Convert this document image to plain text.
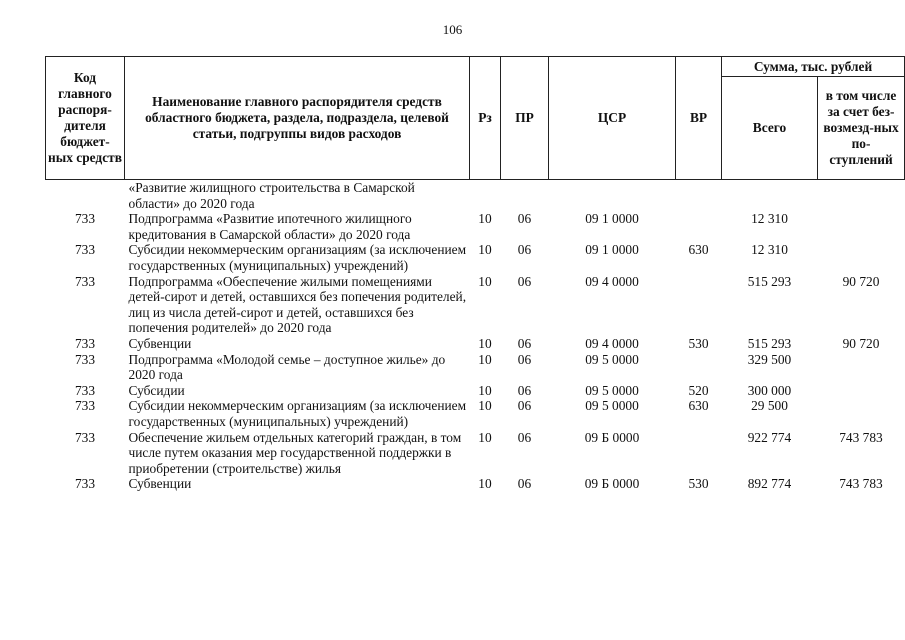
106
Код главного распоря-дителя бюджет-ных средств	Наименование главного распорядителя средств областного бюджета, раздела, подраздела, целевой статьи, подгруппы видов расходов	Рз	ПР	ЦСР	ВР	Сумма, тыс. рублей	
						Всего	в том числе за счет без-возмезд-ных по-ступлений
	«Развитие жилищного строительства в Самарской области» до 2020 года						
733	Подпрограмма «Развитие ипотечного жилищного кредитования в Самарской области» до 2020 года	10	06	09 1 0000		12 310	
733	Субсидии некоммерческим организациям (за исключением государственных (муниципальных) учреждений)	10	06	09 1 0000	630	12 310	
733	Подпрограмма «Обеспечение жилыми помещениями детей-сирот и детей, оставшихся без попечения родителей, лиц из числа детей-сирот и детей, оставшихся без попечения родителей» до 2020 года	10	06	09 4 0000		515 293	90 720
733	Субвенции	10	06	09 4 0000	530	515 293	90 720
733	Подпрограмма «Молодой семье – доступное жилье» до 2020 года	10	06	09 5 0000		329 500	
733	Субсидии	10	06	09 5 0000	520	300 000	
733	Субсидии некоммерческим организациям (за исключением государственных (муниципальных) учреждений)	10	06	09 5 0000	630	29 500	
733	Обеспечение жильем отдельных категорий граждан, в том числе путем оказания мер государственной поддержки в приобретении (строительстве) жилья	10	06	09 Б 0000		922 774	743 783
733	Субвенции	10	06	09 Б 0000	530	892 774	743 783
